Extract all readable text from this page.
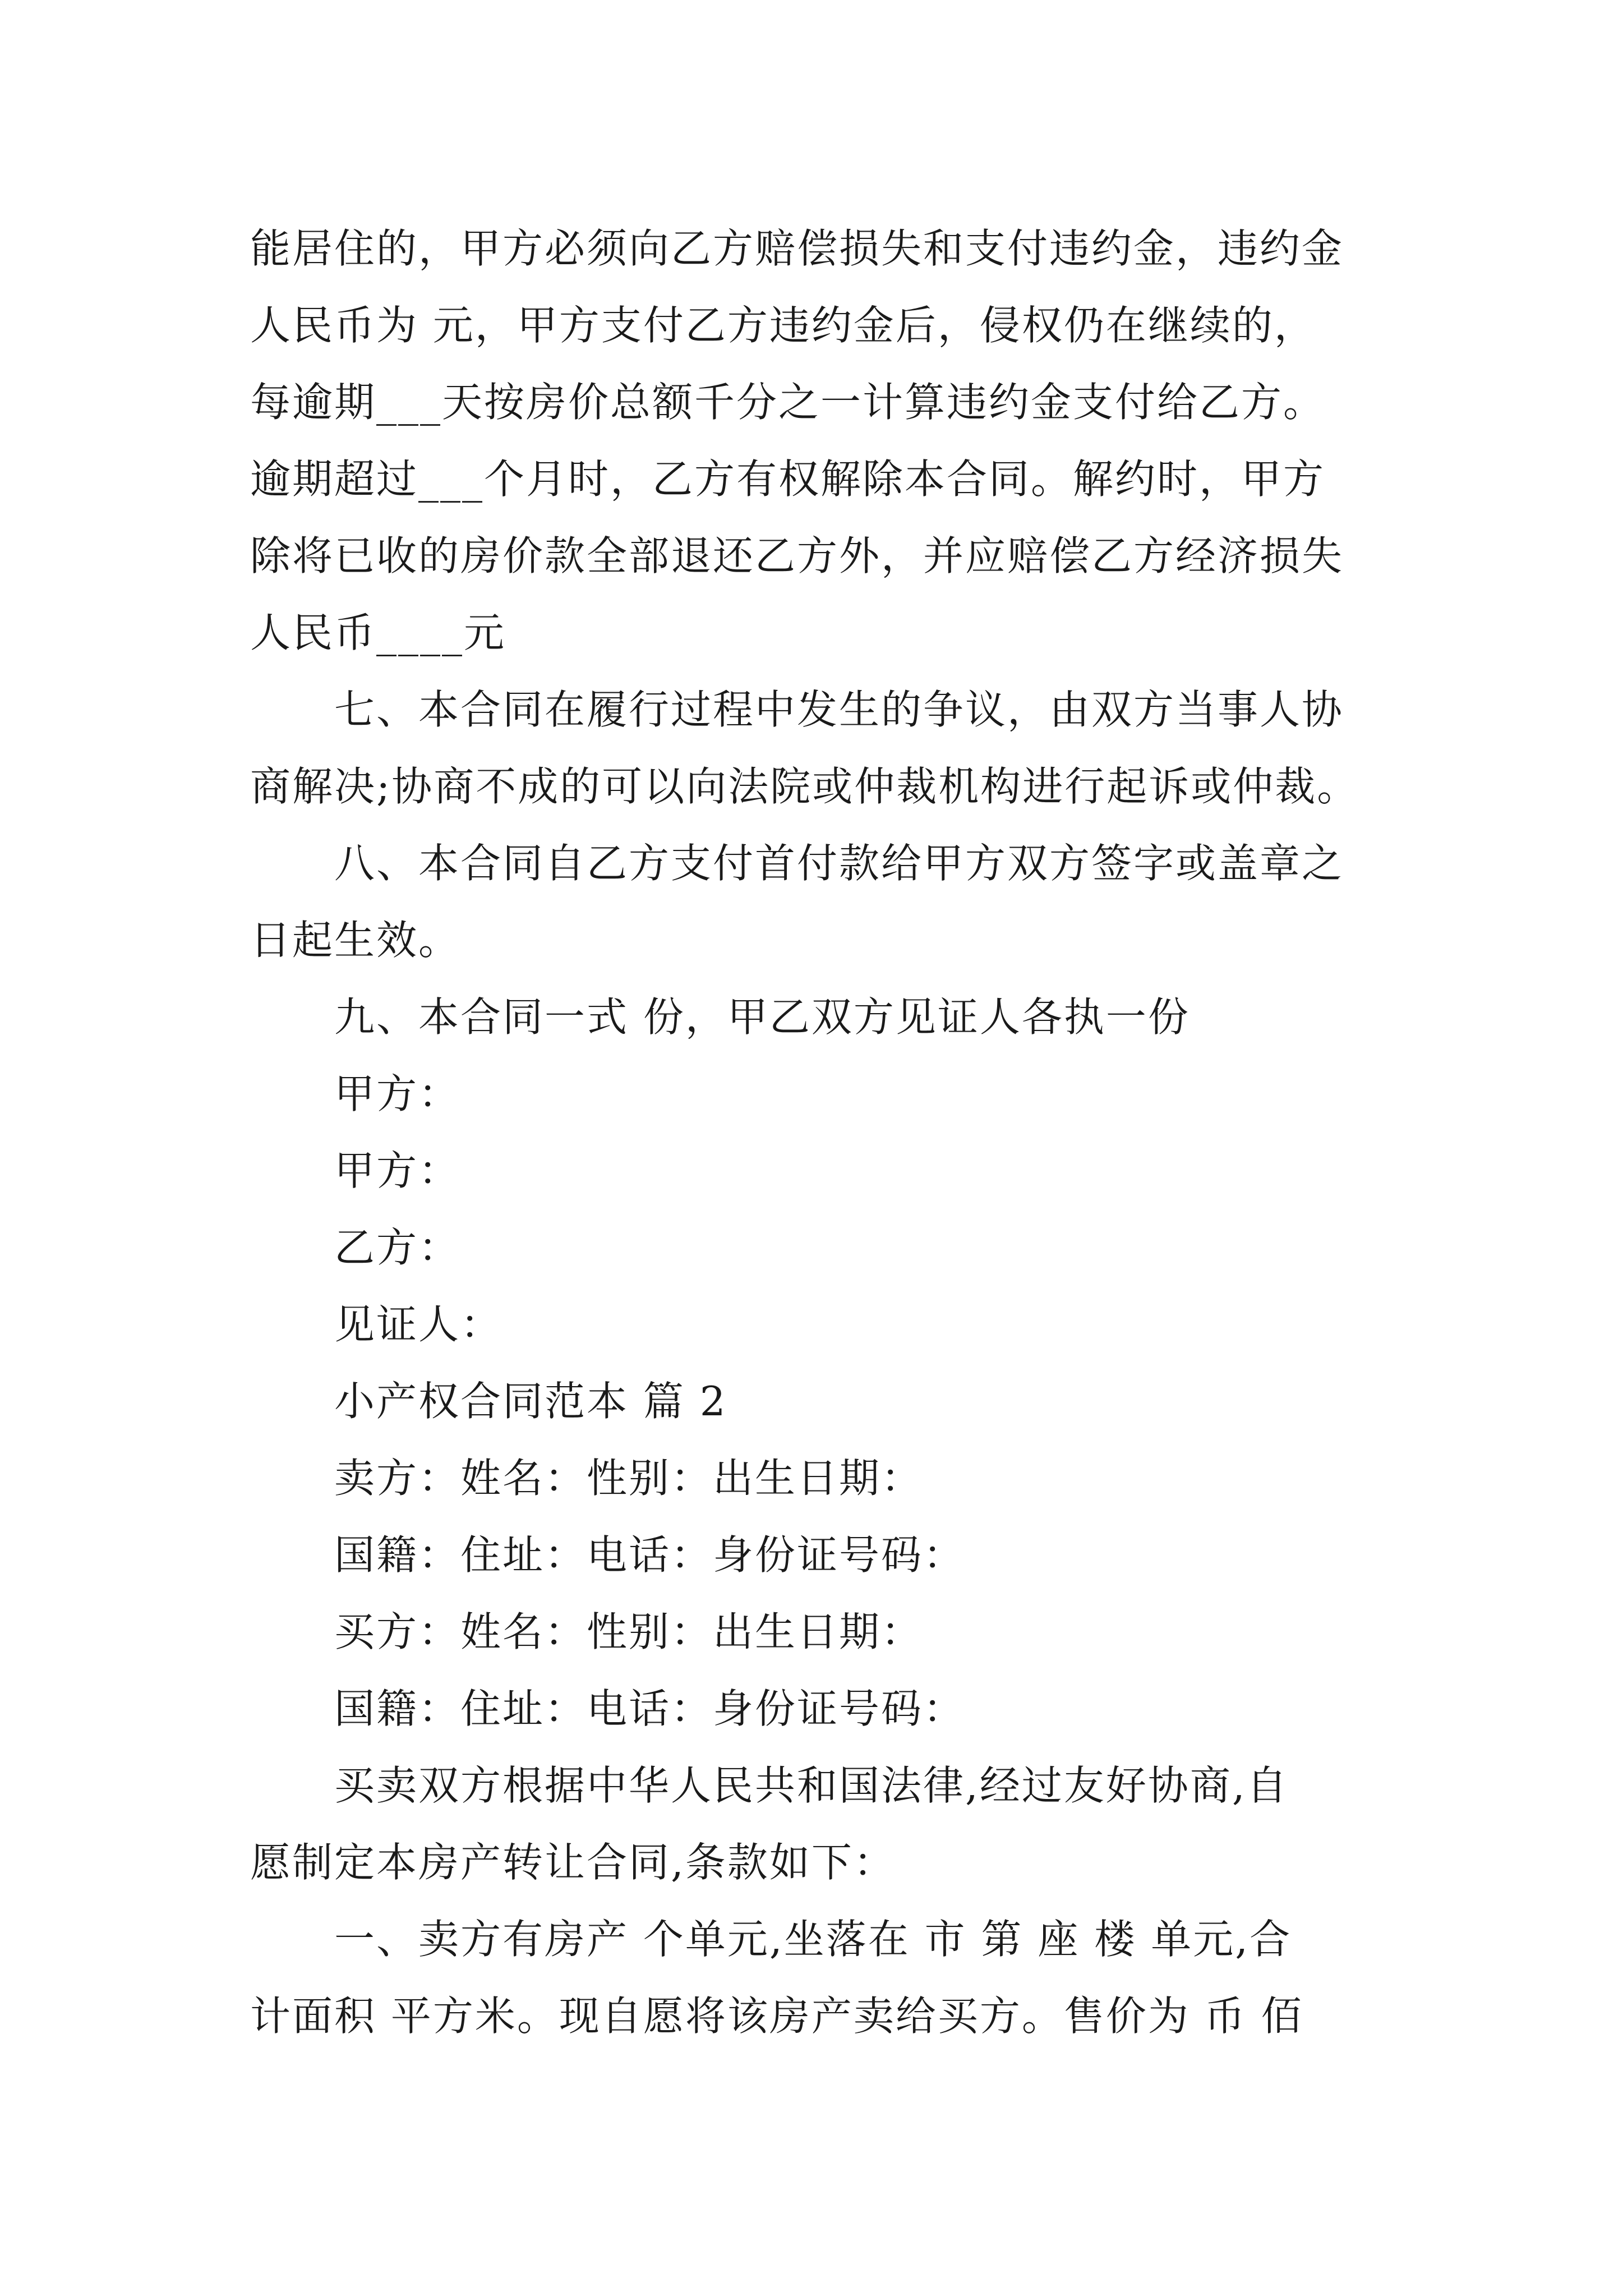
能居住的，甲方必须向乙方赔偿损失和支付违约金，违约金
人民币为 元，甲方支付乙方违约金后，侵权仍在继续的，
每逾期___天按房价总额千分之一计算违约金支付给乙方。
逾期超过___个月时，乙方有权解除本合同。解约时，甲方
除将已收的房价款全部退还乙方外，并应赔偿乙方经济损失
人民币____元
七、本合同在履行过程中发生的争议，由双方当事人协
商解决;协商不成的可以向法院或仲裁机构进行起诉或仲裁。
八、本合同自乙方支付首付款给甲方双方签字或盖章之
日起生效。
九、本合同一式 份，甲乙双方见证人各执一份
甲方：
甲方：
乙方：
见证人：
小产权合同范本 篇 2
卖方：姓名：性别：出生日期：
国籍：住址：电话：身份证号码：
买方：姓名：性别：出生日期：
国籍：住址：电话：身份证号码：
买卖双方根据中华人民共和国法律,经过友好协商,自
愿制定本房产转让合同,条款如下：
一、卖方有房产 个单元,坐落在 市 第 座 楼 单元,合
计面积 平方米。现自愿将该房产卖给买方。售价为 币 佰
